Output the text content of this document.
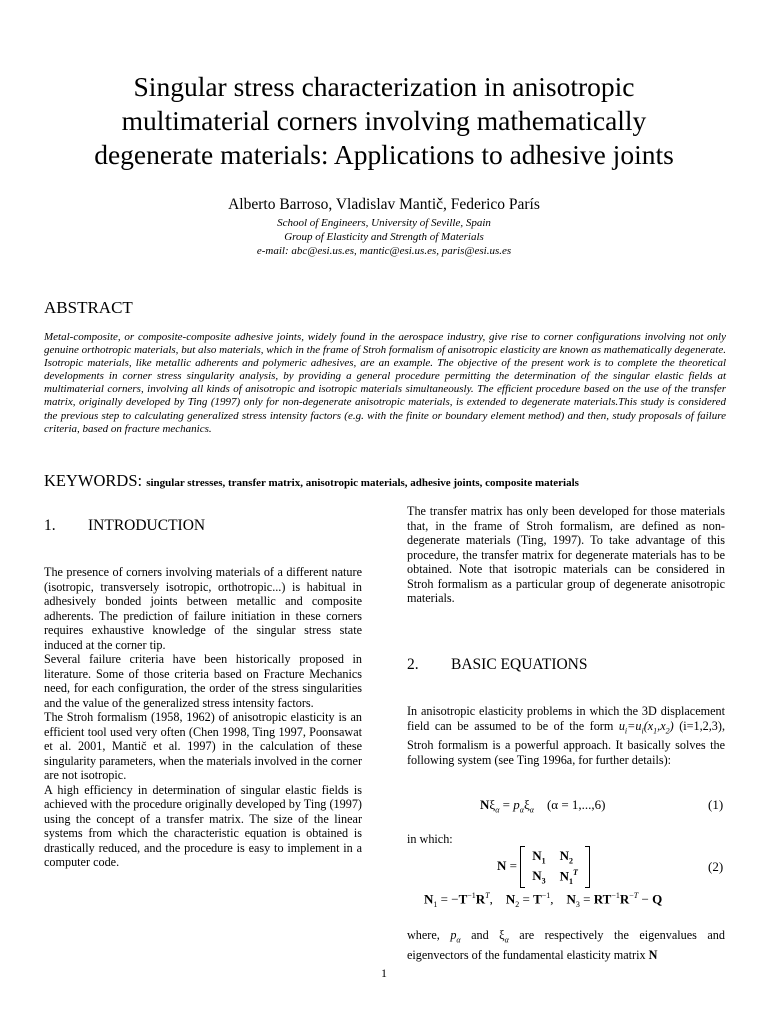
Singular stress characterization in anisotropic
multimaterial corners involving mathematically
degenerate materials: Applications to adhesive joints
Alberto Barroso, Vladislav Mantič, Federico París
School of Engineers, University of Seville, Spain
Group of Elasticity and Strength of Materials
e-mail: abc@esi.us.es, mantic@esi.us.es, paris@esi.us.es
ABSTRACT
Metal-composite, or composite-composite adhesive joints, widely found in the aerospace industry, give rise to corner configurations involving not only genuine orthotropic materials, but also materials, which in the frame of Stroh formalism of anisotropic elasticity are known as mathematically degenerate. Isotropic materials, like metallic adherents and polymeric adhesives, are an example. The objective of the present work is to complete the theoretical developments in corner stress singularity analysis, by providing a general procedure permitting the determination of the singular elastic fields at multimaterial corners, involving all kinds of anisotropic and isotropic materials simultaneously. The efficient procedure based on the use of the transfer matrix, originally developed by Ting (1997) only for non-degenerate anisotropic materials, is extended to degenerate materials.This study is considered the previous step to calculating generalized stress intensity factors (e.g. with the finite or boundary element method) and then, study proposals of failure criteria, based on fracture mechanics.
KEYWORDS: singular stresses, transfer matrix, anisotropic materials, adhesive joints, composite materials
1. INTRODUCTION

The presence of corners involving materials of a different nature (isotropic, transversely isotropic, orthotropic...) is habitual in adhesively bonded joints between metallic and composite adherents. The prediction of failure initiation in these corners requires exhaustive knowledge of the singular stress state induced at the corner tip.

Several failure criteria have been historically proposed in literature. Some of those criteria based on Fracture Mechanics need, for each configuration, the order of the stress singularities and the value of the generalized stress intensity factors.

The Stroh formalism (1958, 1962) of anisotropic elasticity is an efficient tool used very often (Chen 1998, Ting 1997, Poonsawat et al. 2001, Mantič et al. 1997) in the calculation of these singularity parameters, when the materials involved in the corner are not isotropic.

A high efficiency in determination of singular elastic fields is achieved with the procedure originally developed by Ting (1997) using the concept of a transfer matrix. The size of the linear systems from which the characteristic equation is obtained is drastically reduced, and the procedure is easy to implement in a computer code.

The transfer matrix has only been developed for those materials that, in the frame of Stroh formalism, are defined as non-degenerate materials (Ting, 1997). To take advantage of this procedure, the transfer matrix for degenerate materials has to be obtained. Note that isotropic materials can be considered in Stroh formalism as a particular group of degenerate anisotropic materials.
2. BASIC EQUATIONS
In anisotropic elasticity problems in which the 3D displacement field can be assumed to be of the form $u_i=u_i(x_1,x_2)$ (i=1,2,3), Stroh formalism is a powerful approach. It basically solves the following system (see Ting 1996a, for further details):
$N\xi_\alpha = p_\alpha\xi_\alpha$ (α = 1,...,6)	(1)
in which:
N =
$N_1$	$N_2$
$N_3$	$N_1^T$	(2)
$N_1 = -T^{-1}R^T$,    $N_2 = T^{-1}$,    $N_3 = RT^{-1}R^{-T} - Q$
where, $p_\alpha$ and $\xi_\alpha$ are respectively the eigenvalues and eigenvectors of the fundamental elasticity matrix N
1
